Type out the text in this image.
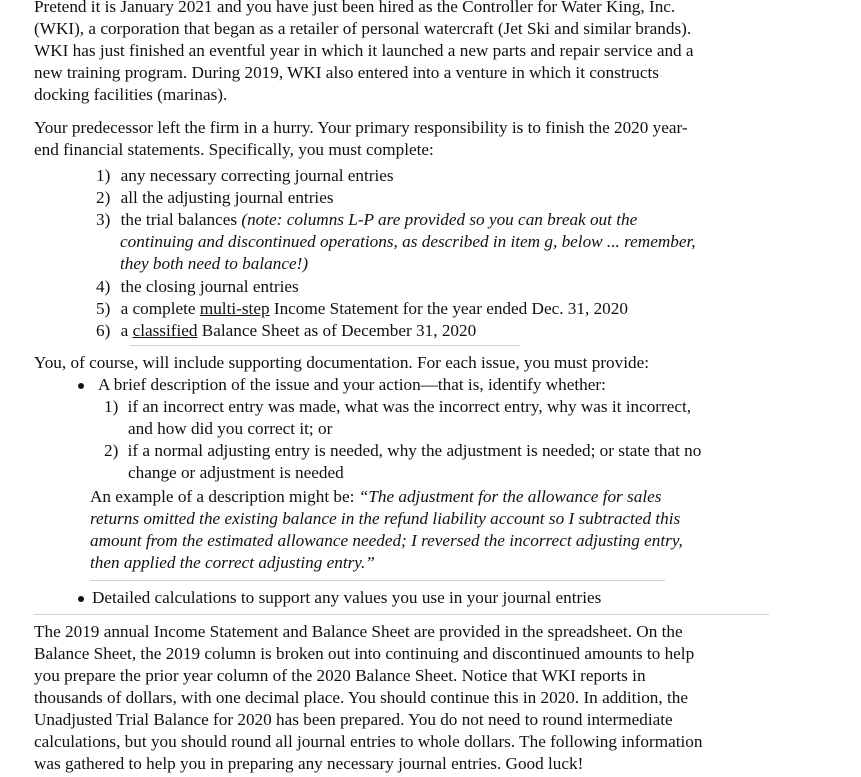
Pretend it is January 2021 and you have just been hired as the Controller for Water King, Inc.
(WKI), a corporation that began as a retailer of personal watercraft (Jet Ski and similar brands).
WKI has just finished an eventful year in which it launched a new parts and repair service and a
new training program. During 2019, WKI also entered into a venture in which it constructs
docking facilities (marinas).
Your predecessor left the firm in a hurry. Your primary responsibility is to finish the 2020 year-
end financial statements. Specifically, you must complete:
1) any necessary correcting journal entries
2) all the adjusting journal entries
3) the trial balances (note: columns L-P are provided so you can break out the
continuing and discontinued operations, as described in item g, below ... remember,
they both need to balance!)
4) the closing journal entries
5) a complete multi-step Income Statement for the year ended Dec. 31, 2020
6) a classified Balance Sheet as of December 31, 2020
You, of course, will include supporting documentation. For each issue, you must provide:
A brief description of the issue and your action—that is, identify whether:
1) if an incorrect entry was made, what was the incorrect entry, why was it incorrect,
and how did you correct it; or
2) if a normal adjusting entry is needed, why the adjustment is needed; or state that no
change or adjustment is needed
An example of a description might be: “The adjustment for the allowance for sales
returns omitted the existing balance in the refund liability account so I subtracted this
amount from the estimated allowance needed; I reversed the incorrect adjusting entry,
then applied the correct adjusting entry.”
Detailed calculations to support any values you use in your journal entries
The 2019 annual Income Statement and Balance Sheet are provided in the spreadsheet. On the
Balance Sheet, the 2019 column is broken out into continuing and discontinued amounts to help
you prepare the prior year column of the 2020 Balance Sheet. Notice that WKI reports in
thousands of dollars, with one decimal place. You should continue this in 2020. In addition, the
Unadjusted Trial Balance for 2020 has been prepared. You do not need to round intermediate
calculations, but you should round all journal entries to whole dollars. The following information
was gathered to help you in preparing any necessary journal entries. Good luck!
